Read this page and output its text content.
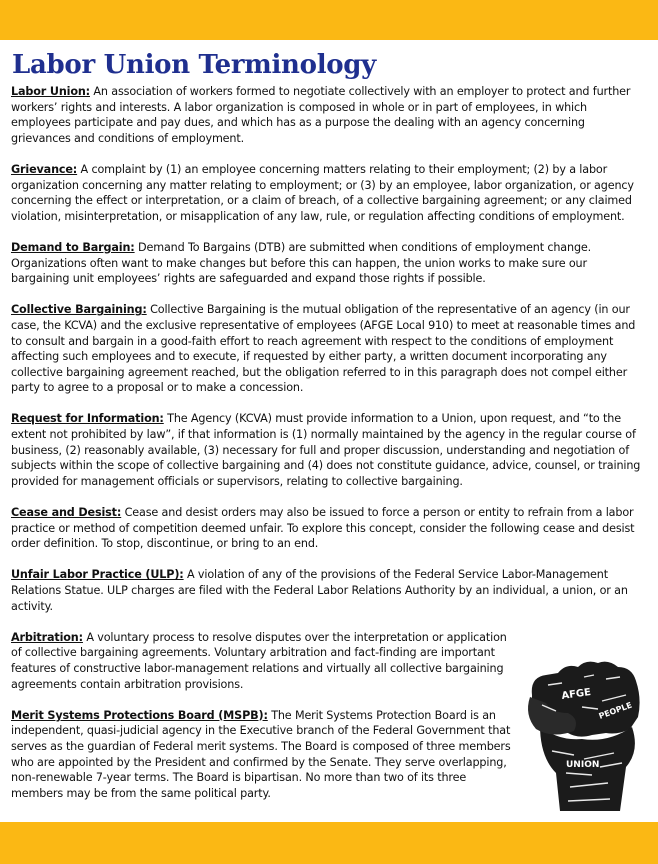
Labor Union Terminology

Labor Union: An association of workers formed to negotiate collectively with an employer to protect and further workers’ rights and interests. A labor organization is composed in whole or in part of employees, in which employees participate and pay dues, and which has as a purpose the dealing with an agency concerning grievances and conditions of employment.

Grievance: A complaint by (1) an employee concerning matters relating to their employment; (2) by a labor organization concerning any matter relating to employment; or (3) by an employee, labor organization, or agency concerning the effect or interpretation, or a claim of breach, of a collective bargaining agreement; or any claimed violation, misinterpretation, or misapplication of any law, rule, or regulation affecting conditions of employment.

Demand to Bargain: Demand To Bargains (DTB) are submitted when conditions of employment change. Organizations often want to make changes but before this can happen, the union works to make sure our bargaining unit employees’ rights are safeguarded and expand those rights if possible.

Collective Bargaining: Collective Bargaining is the mutual obligation of the representative of an agency (in our case, the KCVA) and the exclusive representative of employees (AFGE Local 910) to meet at reasonable times and to consult and bargain in a good-faith effort to reach agreement with respect to the conditions of employment affecting such employees and to execute, if requested by either party, a written document incorporating any collective bargaining agreement reached, but the obligation referred to in this paragraph does not compel either party to agree to a proposal or to make a concession.

Request for Information: The Agency (KCVA) must provide information to a Union, upon request, and “to the extent not prohibited by law”, if that information is (1) normally maintained by the agency in the regular course of business, (2) reasonably available, (3) necessary for full and proper discussion, understanding and negotiation of subjects within the scope of collective bargaining and (4) does not constitute guidance, advice, counsel, or training provided for management officials or supervisors, relating to collective bargaining.

Cease and Desist: Cease and desist orders may also be issued to force a person or entity to refrain from a labor practice or method of competition deemed unfair. To explore this concept, consider the following cease and desist order definition. To stop, discontinue, or bring to an end.

Unfair Labor Practice (ULP): A violation of any of the provisions of the Federal Service Labor-Management Relations Statue. ULP charges are filed with the Federal Labor Relations Authority by an individual, a union, or an activity.

Arbitration: A voluntary process to resolve disputes over the interpretation or application of collective bargaining agreements. Voluntary arbitration and fact-finding are important features of constructive labor-management relations and virtually all collective bargaining agreements contain arbitration provisions.

Merit Systems Protections Board (MSPB): The Merit Systems Protection Board is an independent, quasi-judicial agency in the Executive branch of the Federal Government that serves as the guardian of Federal merit systems. The Board is composed of three members who are appointed by the President and confirmed by the Senate. They serve overlapping, non-renewable 7-year terms. The Board is bipartisan. No more than two of its three members may be from the same political party.

AFGE
PEOPLE
UNION
